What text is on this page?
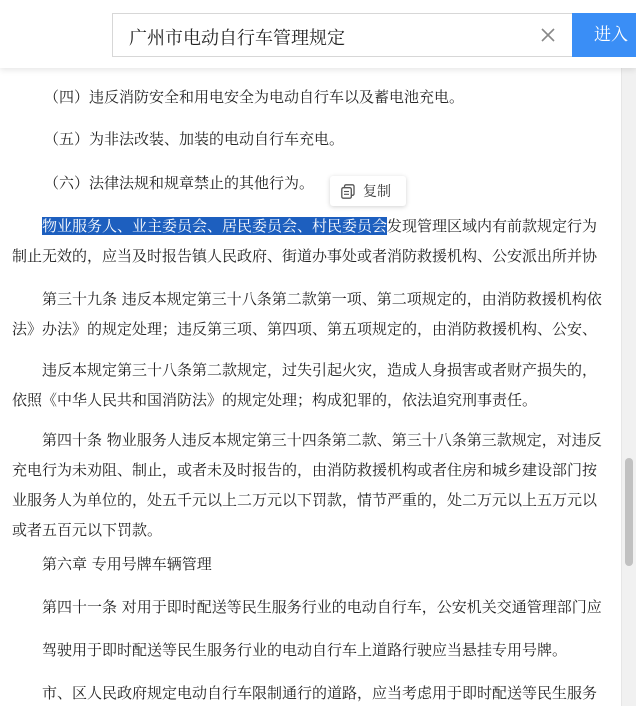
广州市电动自行车管理规定	进入
（四）违反消防安全和用电安全为电动自行车以及蓄电池充电。
（五）为非法改装、加装的电动自行车充电。
（六）法律法规和规章禁止的其他行为。
物业服务人、业主委员会、居民委员会、村民委员会发现管理区域内有前款规定行为
制止无效的，应当及时报告镇人民政府、街道办事处或者消防救援机构、公安派出所并协
第三十九条 违反本规定第三十八条第二款第一项、第二项规定的，由消防救援机构依
法》办法》的规定处理；违反第三项、第四项、第五项规定的，由消防救援机构、公安、
违反本规定第三十八条第二款规定，过失引起火灾，造成人身损害或者财产损失的，
依照《中华人民共和国消防法》的规定处理；构成犯罪的，依法追究刑事责任。
第四十条 物业服务人违反本规定第三十四条第二款、第三十八条第三款规定，对违反
充电行为未劝阻、制止，或者未及时报告的，由消防救援机构或者住房和城乡建设部门按
业服务人为单位的，处五千元以上二万元以下罚款，情节严重的，处二万元以上五万元以
或者五百元以下罚款。
第六章 专用号牌车辆管理
第四十一条 对用于即时配送等民生服务行业的电动自行车，公安机关交通管理部门应
驾驶用于即时配送等民生服务行业的电动自行车上道路行驶应当悬挂专用号牌。
市、区人民政府规定电动自行车限制通行的道路，应当考虑用于即时配送等民生服务
复制
